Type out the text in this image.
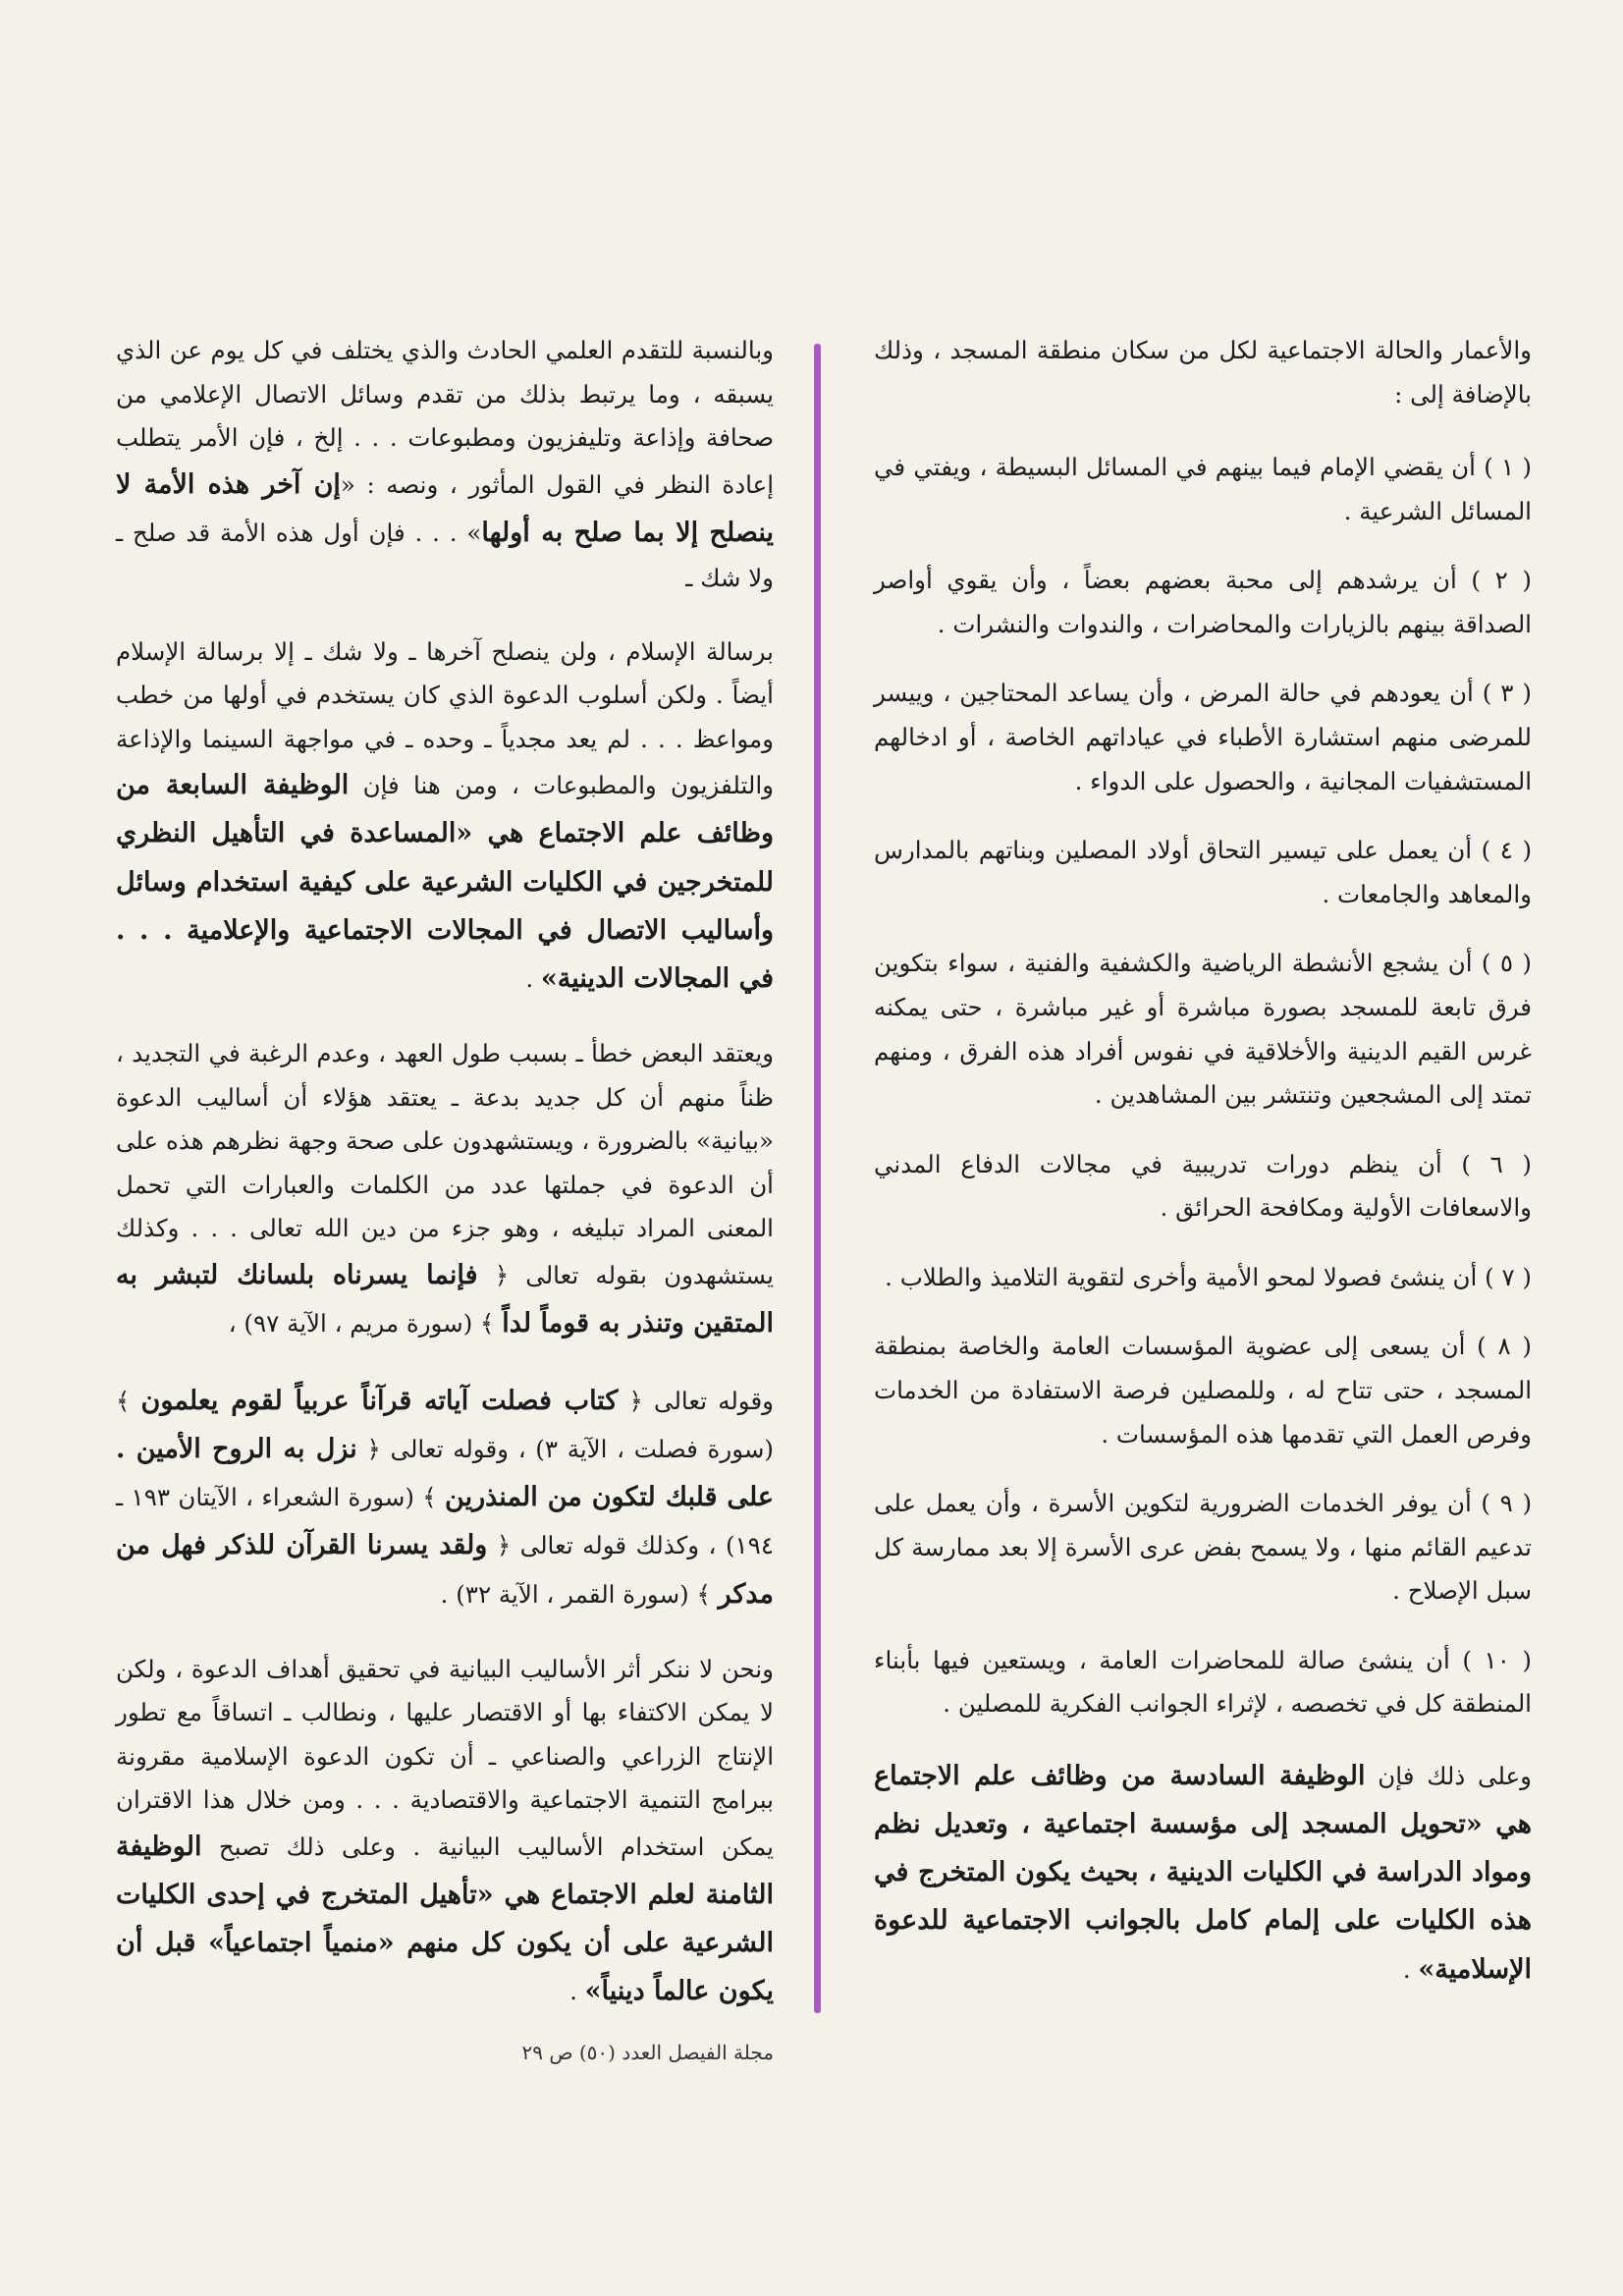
والأعمار والحالة الاجتماعية لكل من سكان منطقة المسجد ، وذلك بالإضافة إلى :

( ١ ) أن يقضي الإمام فيما بينهم في المسائل البسيطة ، ويفتي في المسائل الشرعية .

( ٢ ) أن يرشدهم إلى محبة بعضهم بعضاً ، وأن يقوي أواصر الصداقة بينهم بالزيارات والمحاضرات ، والندوات والنشرات .

( ٣ ) أن يعودهم في حالة المرض ، وأن يساعد المحتاجين ، وييسر للمرضى منهم استشارة الأطباء في عياداتهم الخاصة ، أو ادخالهم المستشفيات المجانية ، والحصول على الدواء .

( ٤ ) أن يعمل على تيسير التحاق أولاد المصلين وبناتهم بالمدارس والمعاهد والجامعات .

( ٥ ) أن يشجع الأنشطة الرياضية والكشفية والفنية ، سواء بتكوين فرق تابعة للمسجد بصورة مباشرة أو غير مباشرة ، حتى يمكنه غرس القيم الدينية والأخلاقية في نفوس أفراد هذه الفرق ، ومنهم تمتد إلى المشجعين وتنتشر بين المشاهدين .

( ٦ ) أن ينظم دورات تدريبية في مجالات الدفاع المدني والاسعافات الأولية ومكافحة الحرائق .

( ٧ ) أن ينشئ فصولا لمحو الأمية وأخرى لتقوية التلاميذ والطلاب .

( ٨ ) أن يسعى إلى عضوية المؤسسات العامة والخاصة بمنطقة المسجد ، حتى تتاح له ، وللمصلين فرصة الاستفادة من الخدمات وفرص العمل التي تقدمها هذه المؤسسات .

( ٩ ) أن يوفر الخدمات الضرورية لتكوين الأسرة ، وأن يعمل على تدعيم القائم منها ، ولا يسمح بفض عرى الأسرة إلا بعد ممارسة كل سبل الإصلاح .

( ١٠ ) أن ينشئ صالة للمحاضرات العامة ، ويستعين فيها بأبناء المنطقة كل في تخصصه ، لإثراء الجوانب الفكرية للمصلين .

وعلى ذلك فإن الوظيفة السادسة من وظائف علم الاجتماع هي «تحويل المسجد إلى مؤسسة اجتماعية ، وتعديل نظم ومواد الدراسة في الكليات الدينية ، بحيث يكون المتخرج في هذه الكليات على إلمام كامل بالجوانب الاجتماعية للدعوة الإسلامية» .

وبالنسبة للتقدم العلمي الحادث والذي يختلف في كل يوم عن الذي يسبقه ، وما يرتبط بذلك من تقدم وسائل الاتصال الإعلامي من صحافة وإذاعة وتليفزيون ومطبوعات . . . إلخ ، فإن الأمر يتطلب إعادة النظر في القول المأثور ، ونصه : «إن آخر هذه الأمة لا ينصلح إلا بما صلح به أولها» . . . فإن أول هذه الأمة قد صلح ـ ولا شك ـ

برسالة الإسلام ، ولن ينصلح آخرها ـ ولا شك ـ إلا برسالة الإسلام أيضاً . ولكن أسلوب الدعوة الذي كان يستخدم في أولها من خطب ومواعظ . . . لم يعد مجدياً ـ وحده ـ في مواجهة السينما والإذاعة والتلفزيون والمطبوعات ، ومن هنا فإن الوظيفة السابعة من وظائف علم الاجتماع هي «المساعدة في التأهيل النظري للمتخرجين في الكليات الشرعية على كيفية استخدام وسائل وأساليب الاتصال في المجالات الاجتماعية والإعلامية . . . في المجالات الدينية» .

ويعتقد البعض خطأ ـ بسبب طول العهد ، وعدم الرغبة في التجديد ، ظناً منهم أن كل جديد بدعة ـ يعتقد هؤلاء أن أساليب الدعوة «بيانية» بالضرورة ، ويستشهدون على صحة وجهة نظرهم هذه على أن الدعوة في جملتها عدد من الكلمات والعبارات التي تحمل المعنى المراد تبليغه ، وهو جزء من دين الله تعالى . . . وكذلك يستشهدون بقوله تعالى ﴿ فإنما يسرناه بلسانك لتبشر به المتقين وتنذر به قوماً لداً ﴾ (سورة مريم ، الآية ٩٧) ،

وقوله تعالى ﴿ كتاب فصلت آياته قرآناً عربياً لقوم يعلمون ﴾ (سورة فصلت ، الآية ٣) ، وقوله تعالى ﴿ نزل به الروح الأمين . على قلبك لتكون من المنذرين ﴾ (سورة الشعراء ، الآيتان ١٩٣ ـ ١٩٤) ، وكذلك قوله تعالى ﴿ ولقد يسرنا القرآن للذكر فهل من مدكر ﴾ (سورة القمر ، الآية ٣٢) .

ونحن لا ننكر أثر الأساليب البيانية في تحقيق أهداف الدعوة ، ولكن لا يمكن الاكتفاء بها أو الاقتصار عليها ، ونطالب ـ اتساقاً مع تطور الإنتاج الزراعي والصناعي ـ أن تكون الدعوة الإسلامية مقرونة ببرامج التنمية الاجتماعية والاقتصادية . . . ومن خلال هذا الاقتران يمكن استخدام الأساليب البيانية . وعلى ذلك تصبح الوظيفة الثامنة لعلم الاجتماع هي «تأهيل المتخرج في إحدى الكليات الشرعية على أن يكون كل منهم «منمياً اجتماعياً» قبل أن يكون عالماً دينياً» .

مجلة الفيصل العدد (٥٠) ص ٢٩
